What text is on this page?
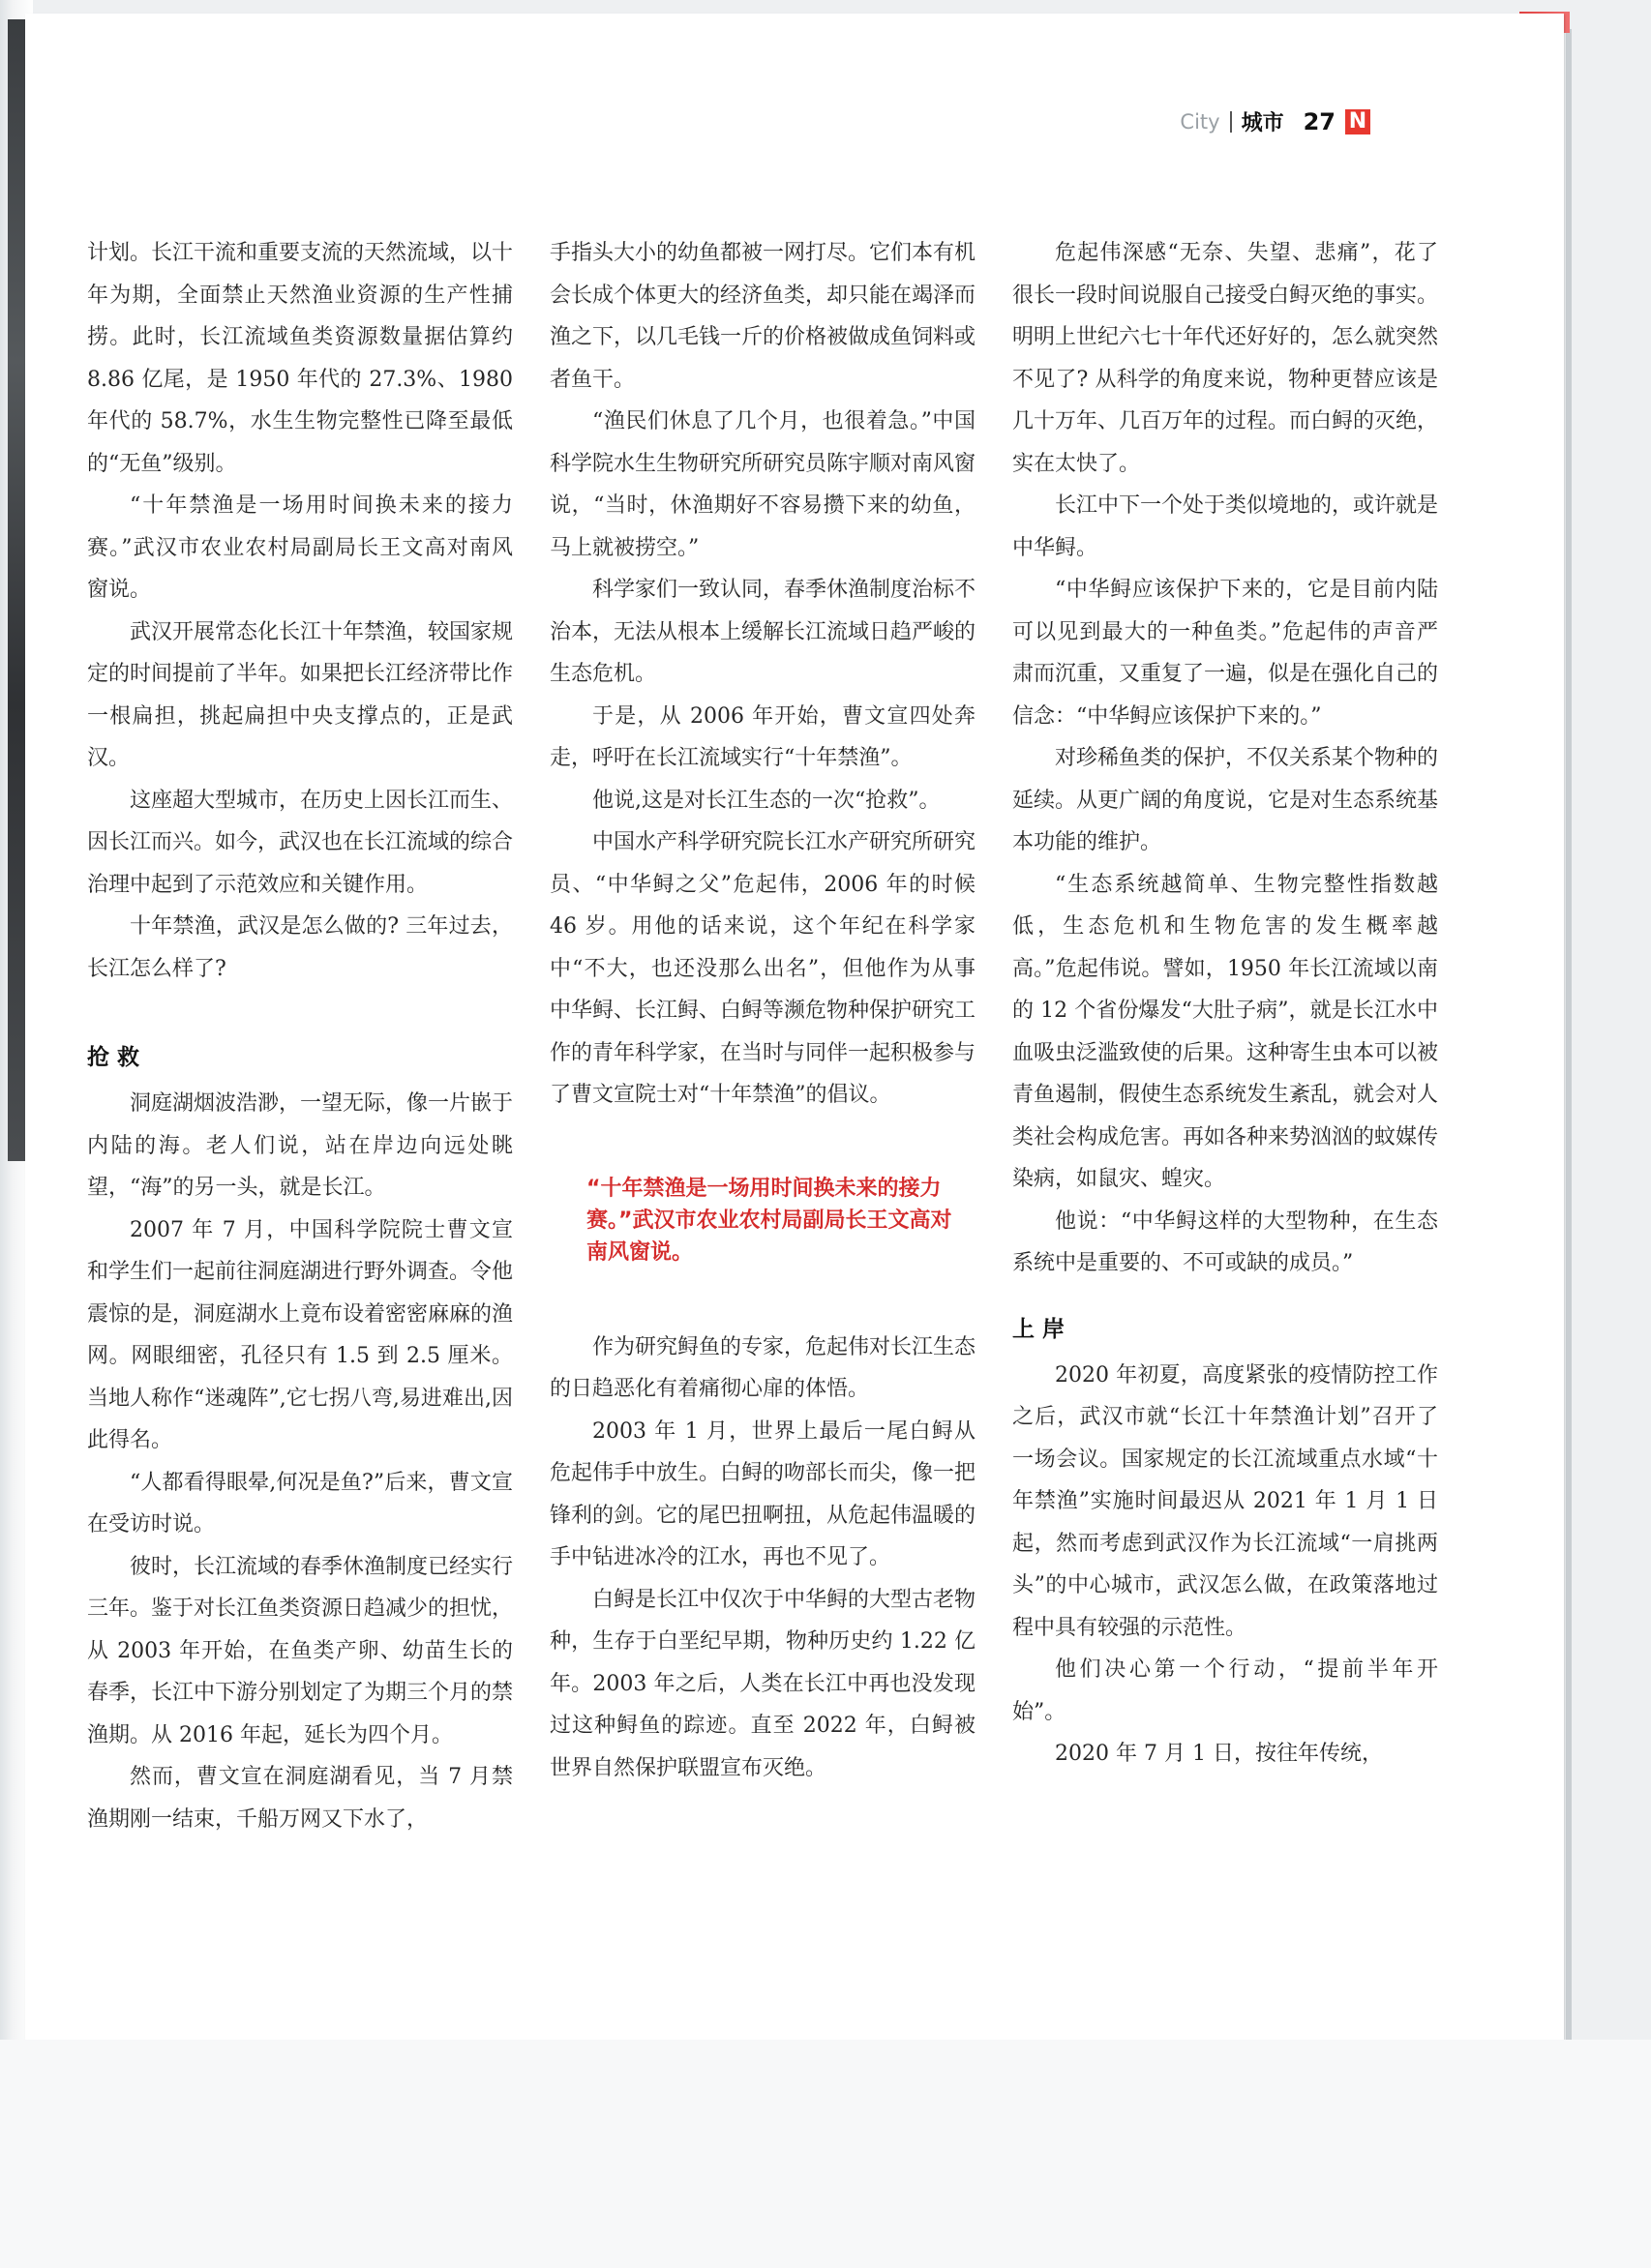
City 城市 27 N

计划。长江干流和重要支流的天然流域，以十年为期，全面禁止天然渔业资源的生产性捕捞。此时，长江流域鱼类资源数量据估算约 8.86 亿尾，是 1950 年代的 27.3%、1980 年代的 58.7%，水生生物完整性已降至最低的“无鱼”级别。

“十年禁渔是一场用时间换未来的接力赛。”武汉市农业农村局副局长王文高对南风窗说。

武汉开展常态化长江十年禁渔，较国家规定的时间提前了半年。如果把长江经济带比作一根扁担，挑起扁担中央支撑点的，正是武汉。

这座超大型城市，在历史上因长江而生、因长江而兴。如今，武汉也在长江流域的综合治理中起到了示范效应和关键作用。

十年禁渔，武汉是怎么做的? 三年过去，长江怎么样了?

抢 救

洞庭湖烟波浩渺，一望无际，像一片嵌于内陆的海。老人们说，站在岸边向远处眺望，“海”的另一头，就是长江。

2007 年 7 月，中国科学院院士曹文宣和学生们一起前往洞庭湖进行野外调查。令他震惊的是，洞庭湖水上竟布设着密密麻麻的渔网。网眼细密，孔径只有 1.5 到 2.5 厘米。当地人称作“迷魂阵”,它七拐八弯,易进难出,因此得名。

“人都看得眼晕,何况是鱼?”后来，曹文宣在受访时说。

彼时，长江流域的春季休渔制度已经实行三年。鉴于对长江鱼类资源日趋减少的担忧，从 2003 年开始，在鱼类产卵、幼苗生长的春季，长江中下游分别划定了为期三个月的禁渔期。从 2016 年起，延长为四个月。

然而，曹文宣在洞庭湖看见，当 7 月禁渔期刚一结束，千船万网又下水了，

手指头大小的幼鱼都被一网打尽。它们本有机会长成个体更大的经济鱼类，却只能在竭泽而渔之下，以几毛钱一斤的价格被做成鱼饲料或者鱼干。

“渔民们休息了几个月，也很着急。”中国科学院水生生物研究所研究员陈宇顺对南风窗说，“当时，休渔期好不容易攒下来的幼鱼，马上就被捞空。”

科学家们一致认同，春季休渔制度治标不治本，无法从根本上缓解长江流域日趋严峻的生态危机。

于是，从 2006 年开始，曹文宣四处奔走，呼吁在长江流域实行“十年禁渔”。

他说,这是对长江生态的一次“抢救”。

中国水产科学研究院长江水产研究所研究员、“中华鲟之父”危起伟，2006 年的时候 46 岁。用他的话来说，这个年纪在科学家中“不大，也还没那么出名”，但他作为从事中华鲟、长江鲟、白鲟等濒危物种保护研究工作的青年科学家，在当时与同伴一起积极参与了曹文宣院士对“十年禁渔”的倡议。

“十年禁渔是一场用时间换未来的接力赛。”武汉市农业农村局副局长王文高对南风窗说。

作为研究鲟鱼的专家，危起伟对长江生态的日趋恶化有着痛彻心扉的体悟。

2003 年 1 月，世界上最后一尾白鲟从危起伟手中放生。白鲟的吻部长而尖，像一把锋利的剑。它的尾巴扭啊扭，从危起伟温暖的手中钻进冰冷的江水，再也不见了。

白鲟是长江中仅次于中华鲟的大型古老物种，生存于白垩纪早期，物种历史约 1.22 亿年。2003 年之后，人类在长江中再也没发现过这种鲟鱼的踪迹。直至 2022 年，白鲟被世界自然保护联盟宣布灭绝。

危起伟深感“无奈、失望、悲痛”，花了很长一段时间说服自己接受白鲟灭绝的事实。明明上世纪六七十年代还好好的，怎么就突然不见了? 从科学的角度来说，物种更替应该是几十万年、几百万年的过程。而白鲟的灭绝，实在太快了。

长江中下一个处于类似境地的，或许就是中华鲟。

“中华鲟应该保护下来的，它是目前内陆可以见到最大的一种鱼类。”危起伟的声音严肃而沉重，又重复了一遍，似是在强化自己的信念：“中华鲟应该保护下来的。”

对珍稀鱼类的保护，不仅关系某个物种的延续。从更广阔的角度说，它是对生态系统基本功能的维护。

“生态系统越简单、生物完整性指数越低，生态危机和生物危害的发生概率越高。”危起伟说。譬如，1950 年长江流域以南的 12 个省份爆发“大肚子病”，就是长江水中血吸虫泛滥致使的后果。这种寄生虫本可以被青鱼遏制，假使生态系统发生紊乱，就会对人类社会构成危害。再如各种来势汹汹的蚊媒传染病，如鼠灾、蝗灾。

他说：“中华鲟这样的大型物种，在生态系统中是重要的、不可或缺的成员。”

上 岸

2020 年初夏，高度紧张的疫情防控工作之后，武汉市就“长江十年禁渔计划”召开了一场会议。国家规定的长江流域重点水域“十年禁渔”实施时间最迟从 2021 年 1 月 1 日起，然而考虑到武汉作为长江流域“一肩挑两头”的中心城市，武汉怎么做，在政策落地过程中具有较强的示范性。

他们决心第一个行动，“提前半年开始”。

2020 年 7 月 1 日，按往年传统，
